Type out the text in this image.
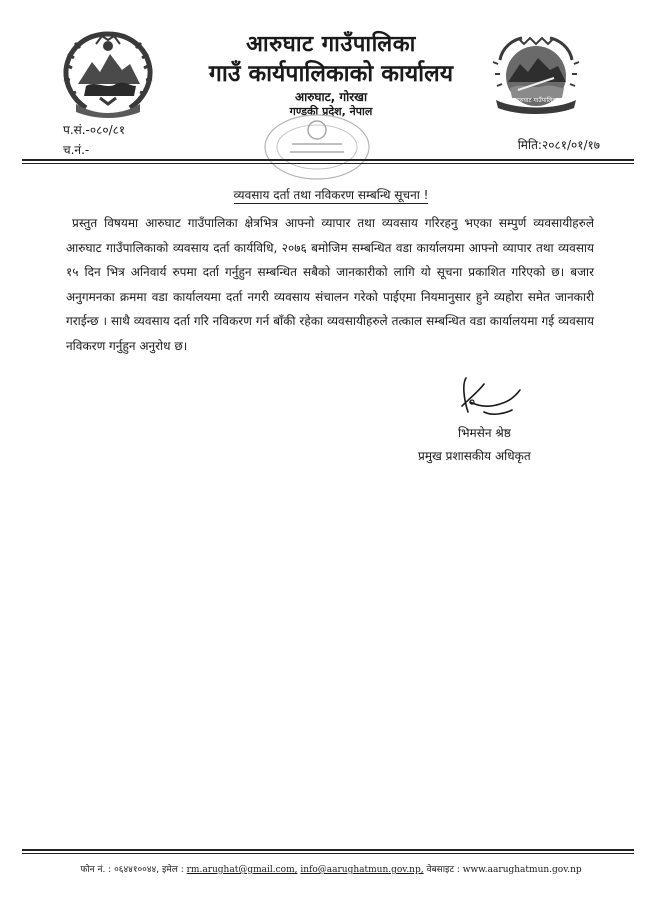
आरुघाट गाउँपालिका
आरुघाट गाउँपालिका
गाउँ कार्यपालिकाको कार्यालय
आरुघाट, गोरखा
गण्डकी प्रदेश, नेपाल
प.सं.-०८०/८१
च.नं.-	मिति:२०८१/०१/१७
व्यवसाय दर्ता तथा नविकरण सम्बन्धि सूचना !
प्रस्तुत विषयमा आरुघाट गाउँपालिका क्षेत्रभित्र आफ्नो व्यापार तथा व्यवसाय गरिरहनु भएका सम्पुर्ण व्यवसायीहरुले आरुघाट गाउँपालिकाको व्यवसाय दर्ता कार्यविधि, २०७६ बमोजिम सम्बन्धित वडा कार्यालयमा आफ्नो व्यापार तथा व्यवसाय १५ दिन भित्र अनिवार्य रुपमा दर्ता गर्नुहुन सम्बन्धित सबैको जानकारीको लागि यो सूचना प्रकाशित गरिएको छ। बजार अनुगमनका क्रममा वडा कार्यालयमा दर्ता नगरी व्यवसाय संचालन गरेको पाईएमा नियमानुसार हुने व्यहोरा समेत जानकारी गराईन्छ । साथै व्यवसाय दर्ता गरि नविकरण गर्न बाँकी रहेका व्यवसायीहरुले तत्काल सम्बन्धित वडा कार्यालयमा गई व्यवसाय नविकरण गर्नुहुन अनुरोध छ।
भिमसेन श्रेष्ठ
प्रमुख प्रशासकीय अधिकृत
फोन नं. : ०६४४१००४४, इमेल : rm.arughat@gmail.com, info@aarughatmun.gov.np, वेबसाइट : www.aarughatmun.gov.np
